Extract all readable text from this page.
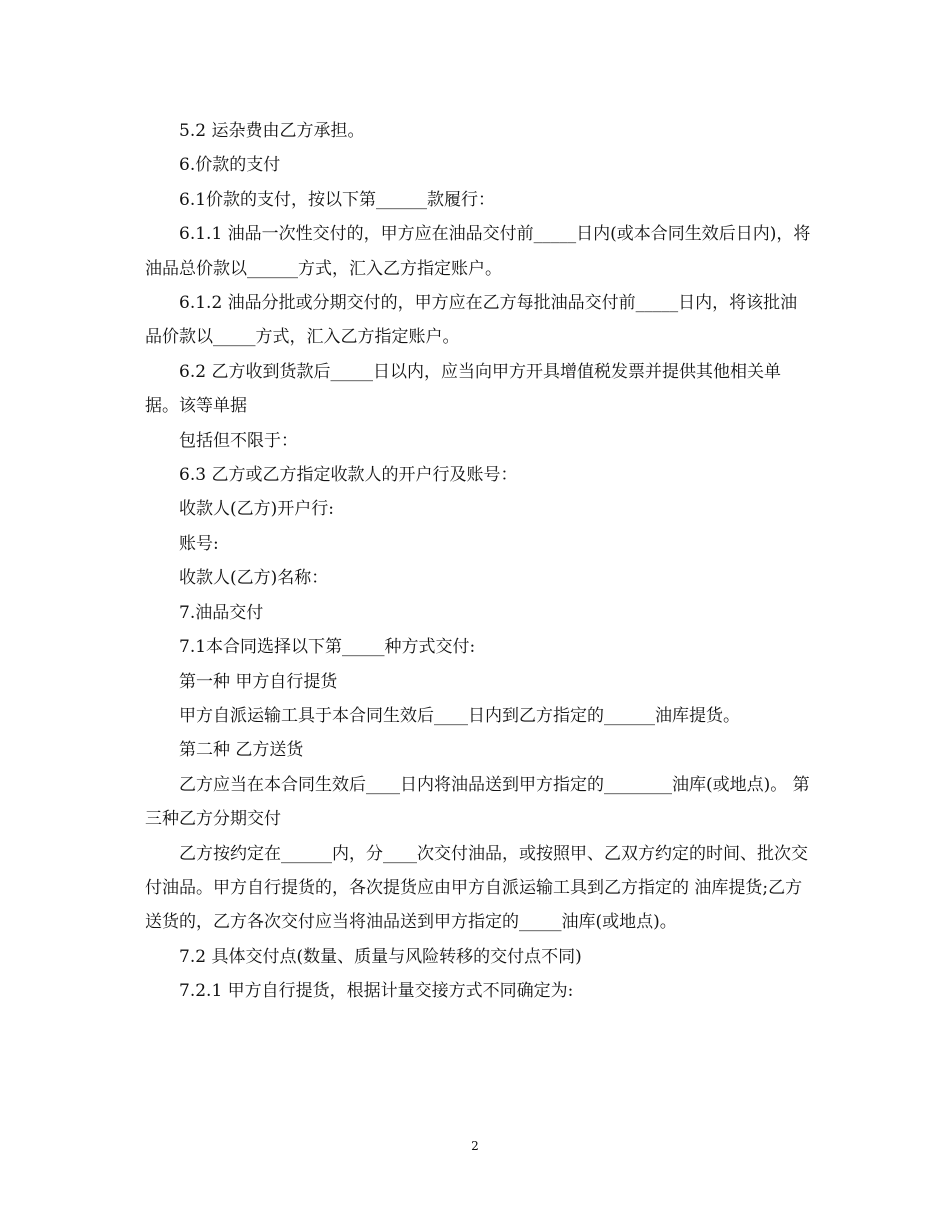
5.2 运杂费由乙方承担。

6.价款的支付

6.1价款的支付，按以下第______款履行：

6.1.1 油品一次性交付的，甲方应在油品交付前_____日内(或本合同生效后日内)，将油品总价款以______方式，汇入乙方指定账户。

6.1.2 油品分批或分期交付的，甲方应在乙方每批油品交付前_____日内，将该批油品价款以_____方式，汇入乙方指定账户。

6.2 乙方收到货款后_____日以内，应当向甲方开具增值税发票并提供其他相关单据。该等单据

包括但不限于：

6.3 乙方或乙方指定收款人的开户行及账号：

收款人(乙方)开户行:

账号:

收款人(乙方)名称：

7.油品交付

7.1本合同选择以下第_____种方式交付:

第一种 甲方自行提货

甲方自派运输工具于本合同生效后____日内到乙方指定的______油库提货。

第二种 乙方送货

乙方应当在本合同生效后____日内将油品送到甲方指定的________油库(或地点)。 第三种乙方分期交付

乙方按约定在______内，分____次交付油品，或按照甲、乙双方约定的时间、批次交付油品。甲方自行提货的，各次提货应由甲方自派运输工具到乙方指定的 油库提货;乙方送货的，乙方各次交付应当将油品送到甲方指定的_____油库(或地点)。

7.2 具体交付点(数量、质量与风险转移的交付点不同)

7.2.1 甲方自行提货，根据计量交接方式不同确定为:

2
